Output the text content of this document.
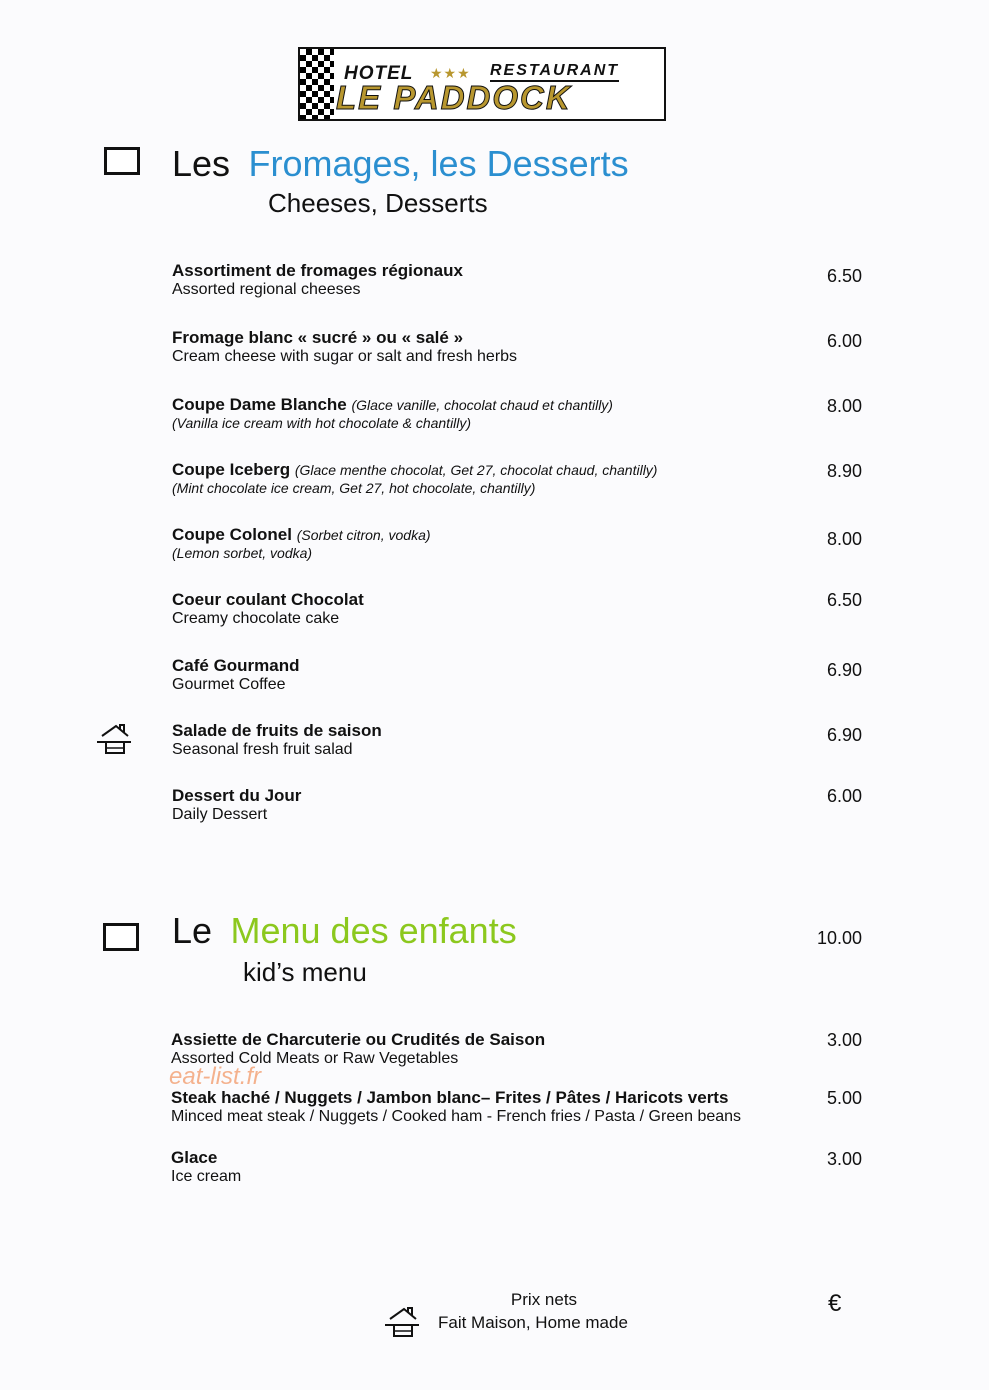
HOTEL ★★★ RESTAURANT
LE PADDOCK
Les Fromages, les Desserts
Cheeses, Desserts
Assortiment de fromages régionaux
Assorted regional cheeses
6.50
Fromage blanc « sucré » ou « salé »
Cream cheese with sugar or salt and fresh herbs
6.00
Coupe Dame Blanche (Glace vanille, chocolat chaud et chantilly)
(Vanilla ice cream with hot chocolate & chantilly)
8.00
Coupe Iceberg (Glace menthe chocolat, Get 27, chocolat chaud, chantilly)
(Mint chocolate ice cream, Get 27, hot chocolate, chantilly)
8.90
Coupe Colonel (Sorbet citron, vodka)
(Lemon sorbet, vodka)
8.00
Coeur coulant Chocolat
Creamy chocolate cake
6.50
Café Gourmand
Gourmet Coffee
6.90
Salade de fruits de saison
Seasonal fresh fruit salad
6.90
Dessert du Jour
Daily Dessert
6.00
Le Menu des enfants	10.00
kid’s menu
Assiette de Charcuterie ou Crudités de Saison
Assorted Cold Meats or Raw Vegetables
3.00
Steak haché / Nuggets / Jambon blanc– Frites / Pâtes / Haricots verts
Minced meat steak / Nuggets / Cooked ham - French fries / Pasta / Green beans
5.00
Glace
Ice cream
3.00
eat-list.fr
Prix nets
Fait Maison, Home made
€
